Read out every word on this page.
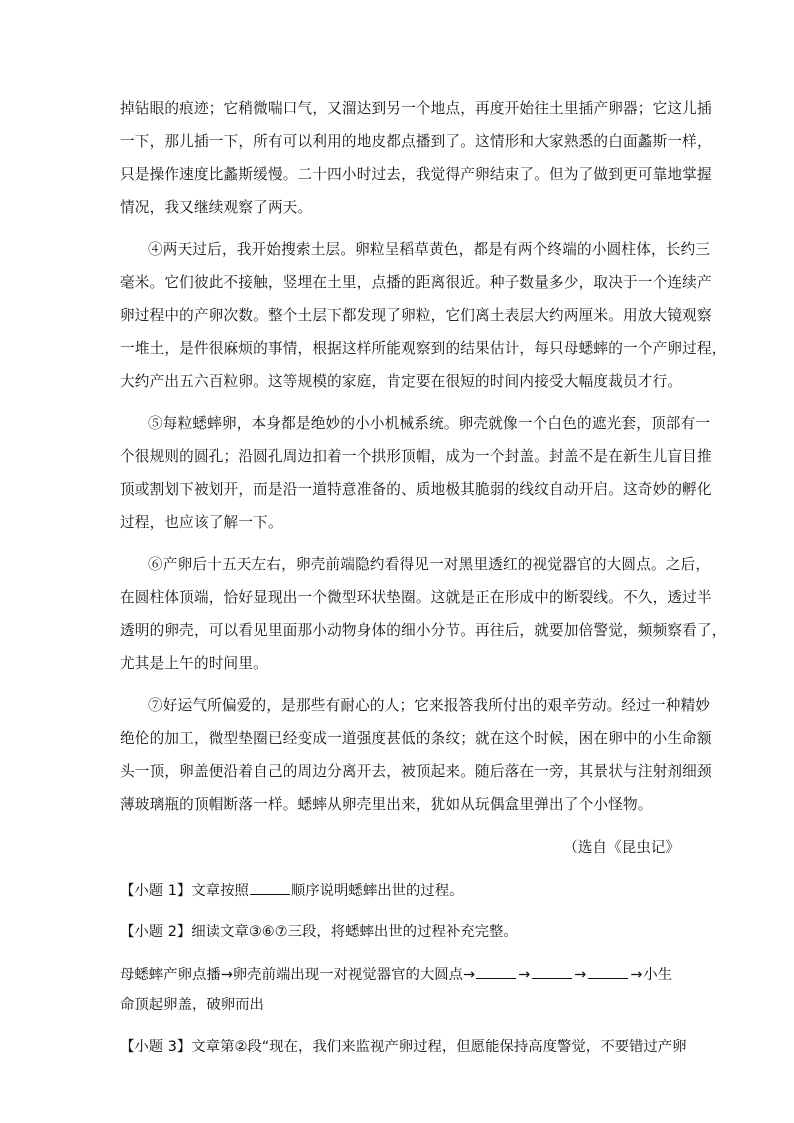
掉钻眼的痕迹；它稍微喘口气，又溜达到另一个地点，再度开始往土里插产卵器；它这儿插
一下，那儿插一下，所有可以利用的地皮都点播到了。这情形和大家熟悉的白面蠡斯一样，
只是操作速度比蠡斯缓慢。二十四小时过去，我觉得产卵结束了。但为了做到更可靠地掌握
情况，我又继续观察了两天。
④两天过后，我开始搜索土层。卵粒呈稻草黄色，都是有两个终端的小圆柱体，长约三
毫米。它们彼此不接触，竖埋在土里，点播的距离很近。种子数量多少，取决于一个连续产
卵过程中的产卵次数。整个土层下都发现了卵粒，它们离土表层大约两厘米。用放大镜观察
一堆土，是件很麻烦的事情，根据这样所能观察到的结果估计，每只母蟋蟀的一个产卵过程，
大约产出五六百粒卵。这等规模的家庭，肯定要在很短的时间内接受大幅度裁员才行。
⑤每粒蟋蟀卵，本身都是绝妙的小小机械系统。卵壳就像一个白色的遮光套，顶部有一
个很规则的圆孔；沿圆孔周边扣着一个拱形顶帽，成为一个封盖。封盖不是在新生儿盲目推
顶或割划下被划开，而是沿一道特意准备的、质地极其脆弱的线纹自动开启。这奇妙的孵化
过程，也应该了解一下。
⑥产卵后十五天左右，卵壳前端隐约看得见一对黑里透红的视觉器官的大圆点。之后，
在圆柱体顶端，恰好显现出一个微型环状垫圈。这就是正在形成中的断裂线。不久，透过半
透明的卵壳，可以看见里面那小动物身体的细小分节。再往后，就要加倍警觉，频频察看了，
尤其是上午的时间里。
⑦好运气所偏爱的，是那些有耐心的人；它来报答我所付出的艰辛劳动。经过一种精妙
绝伦的加工，微型垫圈已经变成一道强度甚低的条纹；就在这个时候，困在卵中的小生命额
头一顶，卵盖便沿着自己的周边分离开去，被顶起来。随后落在一旁，其景状与注射剂细颈
薄玻璃瓶的顶帽断落一样。蟋蟀从卵壳里出来，犹如从玩偶盒里弹出了个小怪物。
（选自《昆虫记》
【小题 1】文章按照	顺序说明蟋蟀出世的过程。
【小题 2】细读文章③⑥⑦三段，将蟋蟀出世的过程补充完整。
母蟋蟀产卵点播→卵壳前端出现一对视觉器官的大圆点→	→	→	→小生
命顶起卵盖，破卵而出
【小题 3】文章第②段“现在，我们来监视产卵过程，但愿能保持高度警觉，不要错过产卵
